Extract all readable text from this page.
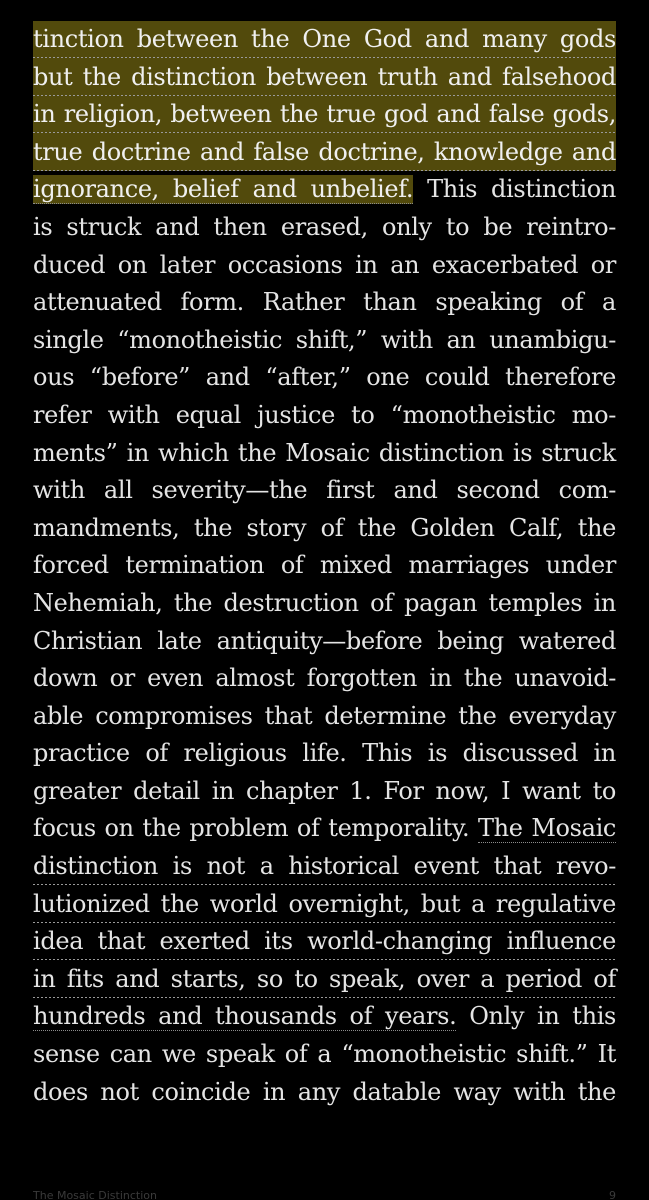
tinction between the One God and many gods
but the distinction between truth and falsehood
in religion, between the true god and false gods,
true doctrine and false doctrine, knowledge and
ignorance, belief and unbelief. This distinction
is struck and then erased, only to be reintro-
duced on later occasions in an exacerbated or
attenuated form. Rather than speaking of a
single “monotheistic shift,” with an unambigu-
ous “before” and “after,” one could therefore
refer with equal justice to “monotheistic mo-
ments” in which the Mosaic distinction is struck
with all severity—the first and second com-
mandments, the story of the Golden Calf, the
forced termination of mixed marriages under
Nehemiah, the destruction of pagan temples in
Christian late antiquity—before being watered
down or even almost forgotten in the unavoid-
able compromises that determine the everyday
practice of religious life. This is discussed in
greater detail in chapter 1. For now, I want to
focus on the problem of temporality. The Mosaic
distinction is not a historical event that revo-
lutionized the world overnight, but a regulative
idea that exerted its world-changing influence
in fits and starts, so to speak, over a period of
hundreds and thousands of years. Only in this
sense can we speak of a “monotheistic shift.” It
does not coincide in any datable way with the
The Mosaic Distinction	9
